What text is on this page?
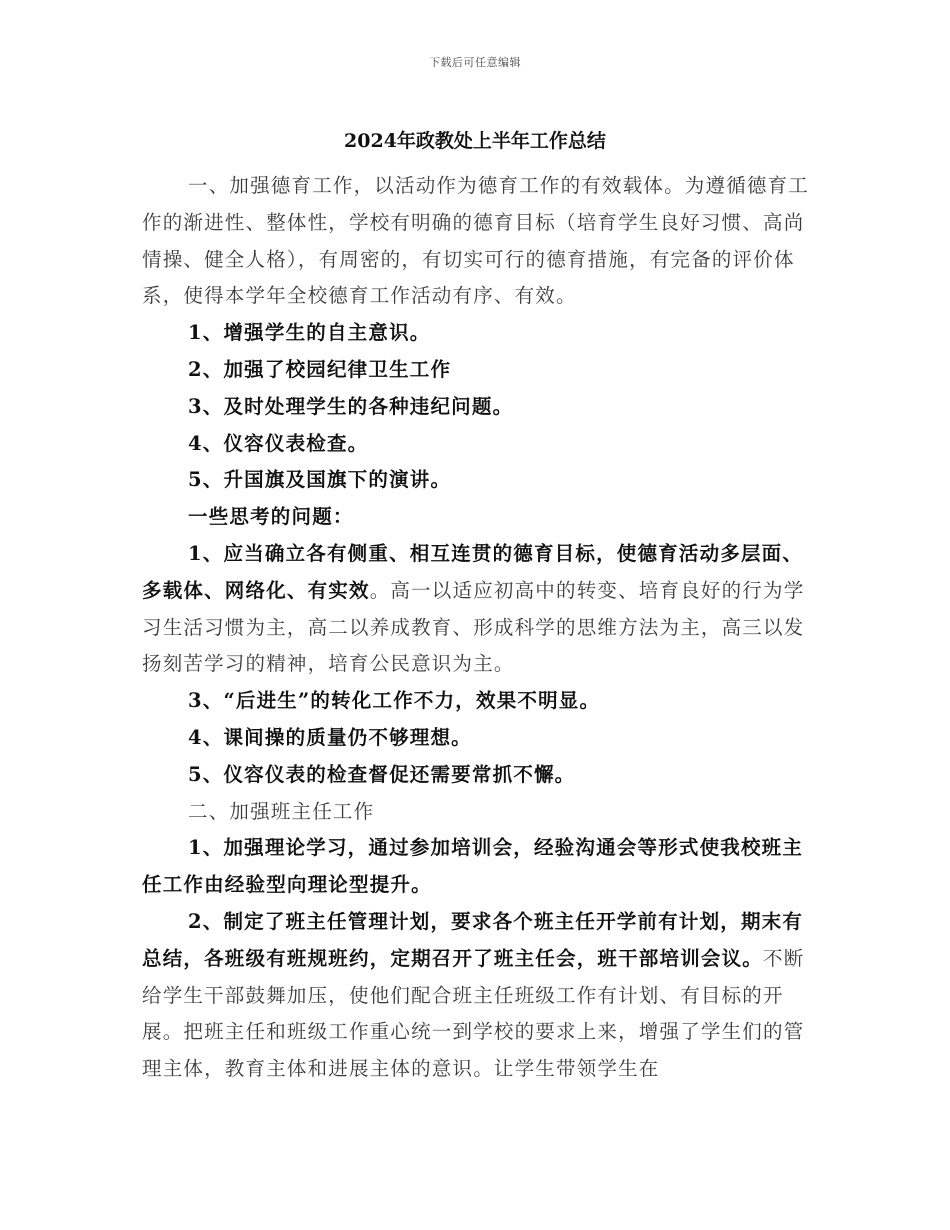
下载后可任意编辑
2024年政教处上半年工作总结

一、加强德育工作，以活动作为德育工作的有效载体。为遵循德育工作的渐进性、整体性，学校有明确的德育目标（培育学生良好习惯、高尚情操、健全人格），有周密的，有切实可行的德育措施，有完备的评价体系，使得本学年全校德育工作活动有序、有效。

1、增强学生的自主意识。

2、加强了校园纪律卫生工作

3、及时处理学生的各种违纪问题。

4、仪容仪表检查。

5、升国旗及国旗下的演讲。

一些思考的问题：

1、应当确立各有侧重、相互连贯的德育目标，使德育活动多层面、多载体、网络化、有实效。高一以适应初高中的转变、培育良好的行为学习生活习惯为主，高二以养成教育、形成科学的思维方法为主，高三以发扬刻苦学习的精神，培育公民意识为主。

3、“后进生”的转化工作不力，效果不明显。

4、课间操的质量仍不够理想。

5、仪容仪表的检查督促还需要常抓不懈。

二、加强班主任工作

1、加强理论学习，通过参加培训会，经验沟通会等形式使我校班主任工作由经验型向理论型提升。

2、制定了班主任管理计划，要求各个班主任开学前有计划，期末有总结，各班级有班规班约，定期召开了班主任会，班干部培训会议。不断给学生干部鼓舞加压，使他们配合班主任班级工作有计划、有目标的开展。把班主任和班级工作重心统一到学校的要求上来，增强了学生们的管理主体，教育主体和进展主体的意识。让学生带领学生在
